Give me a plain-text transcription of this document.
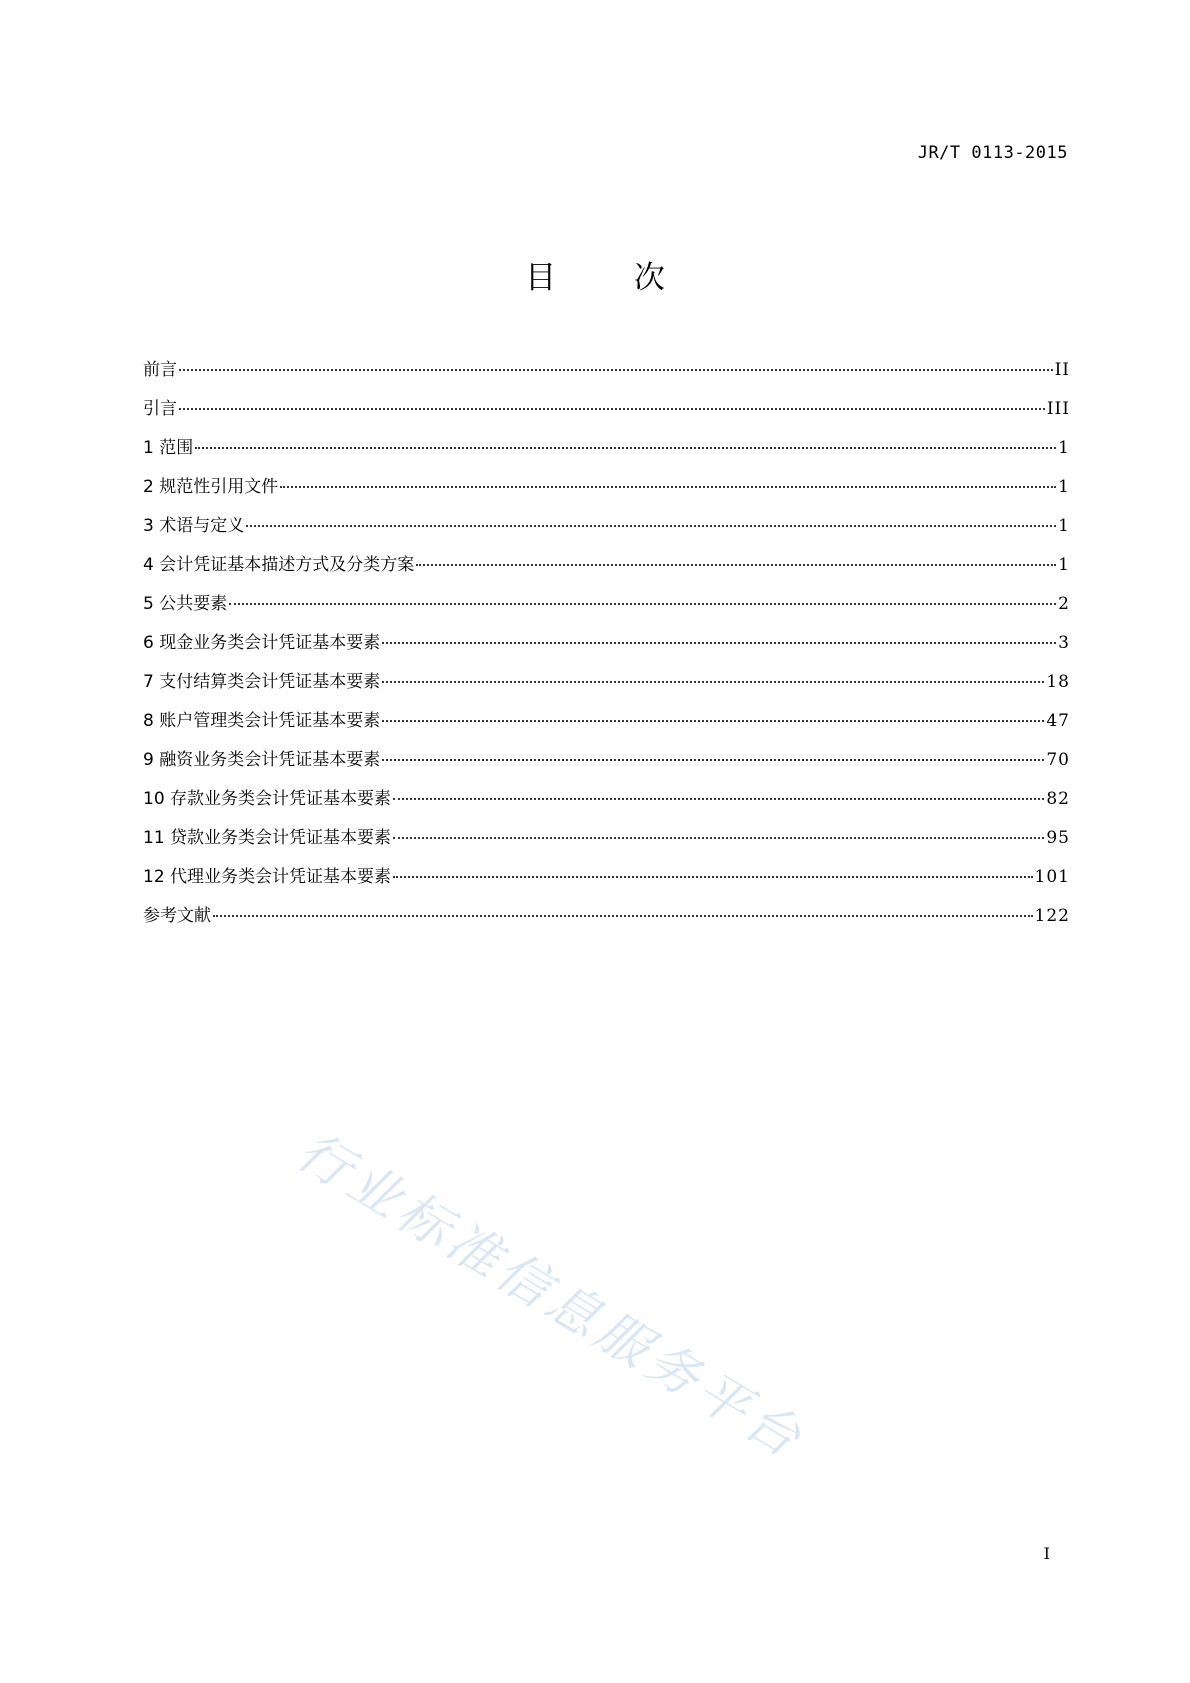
JR/T 0113-2015
目 次
前言	II
引言	III
1 范围	1
2 规范性引用文件	1
3 术语与定义	1
4 会计凭证基本描述方式及分类方案	1
5 公共要素	2
6 现金业务类会计凭证基本要素	3
7 支付结算类会计凭证基本要素	18
8 账户管理类会计凭证基本要素	47
9 融资业务类会计凭证基本要素	70
10 存款业务类会计凭证基本要素	82
11 贷款业务类会计凭证基本要素	95
12 代理业务类会计凭证基本要素	101
参考文献	122
行业标准信息服务平台
I
